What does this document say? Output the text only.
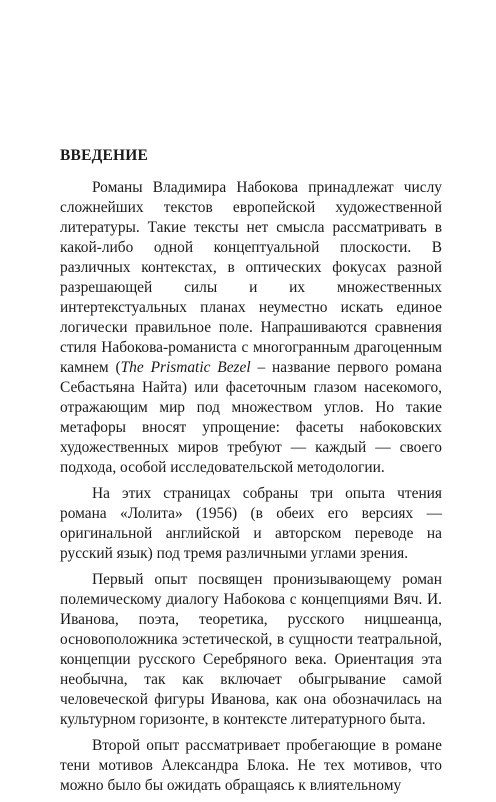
ВВЕДЕНИЕ

Романы Владимира Набокова принадлежат числу сложнейших текстов европейской художественной литературы. Такие тексты нет смысла рассматривать в какой-либо одной концептуальной плоскости. В различных контекстах, в оптических фокусах разной разрешающей силы и их множественных интертекстуальных планах неуместно искать единое логически правильное поле. Напрашиваются сравнения стиля Набокова-романиста с многогранным драгоценным камнем (The Prismatic Bezel – название первого романа Себастьяна Найта) или фасеточным глазом насекомого, отражающим мир под множеством углов. Но такие метафоры вносят упрощение: фасеты набоковских художественных миров требуют — каждый — своего подхода, особой исследовательской методологии.

На этих страницах собраны три опыта чтения романа «Лолита» (1956) (в обеих его версиях — оригинальной английской и авторском переводе на русский язык) под тремя различными углами зрения.

Первый опыт посвящен пронизывающему роман полемическому диалогу Набокова с концепциями Вяч. И. Иванова, поэта, теоретика, русского ницшеанца, основоположника эстетической, в сущности театральной, концепции русского Серебряного века. Ориентация эта необычна, так как включает обыгрывание самой человеческой фигуры Иванова, как она обозначилась на культурном горизонте, в контексте литературного быта.

Второй опыт рассматривает пробегающие в романе тени мотивов Александра Блока. Не тех мотивов, что можно было бы ожидать обращаясь к влиятельному
